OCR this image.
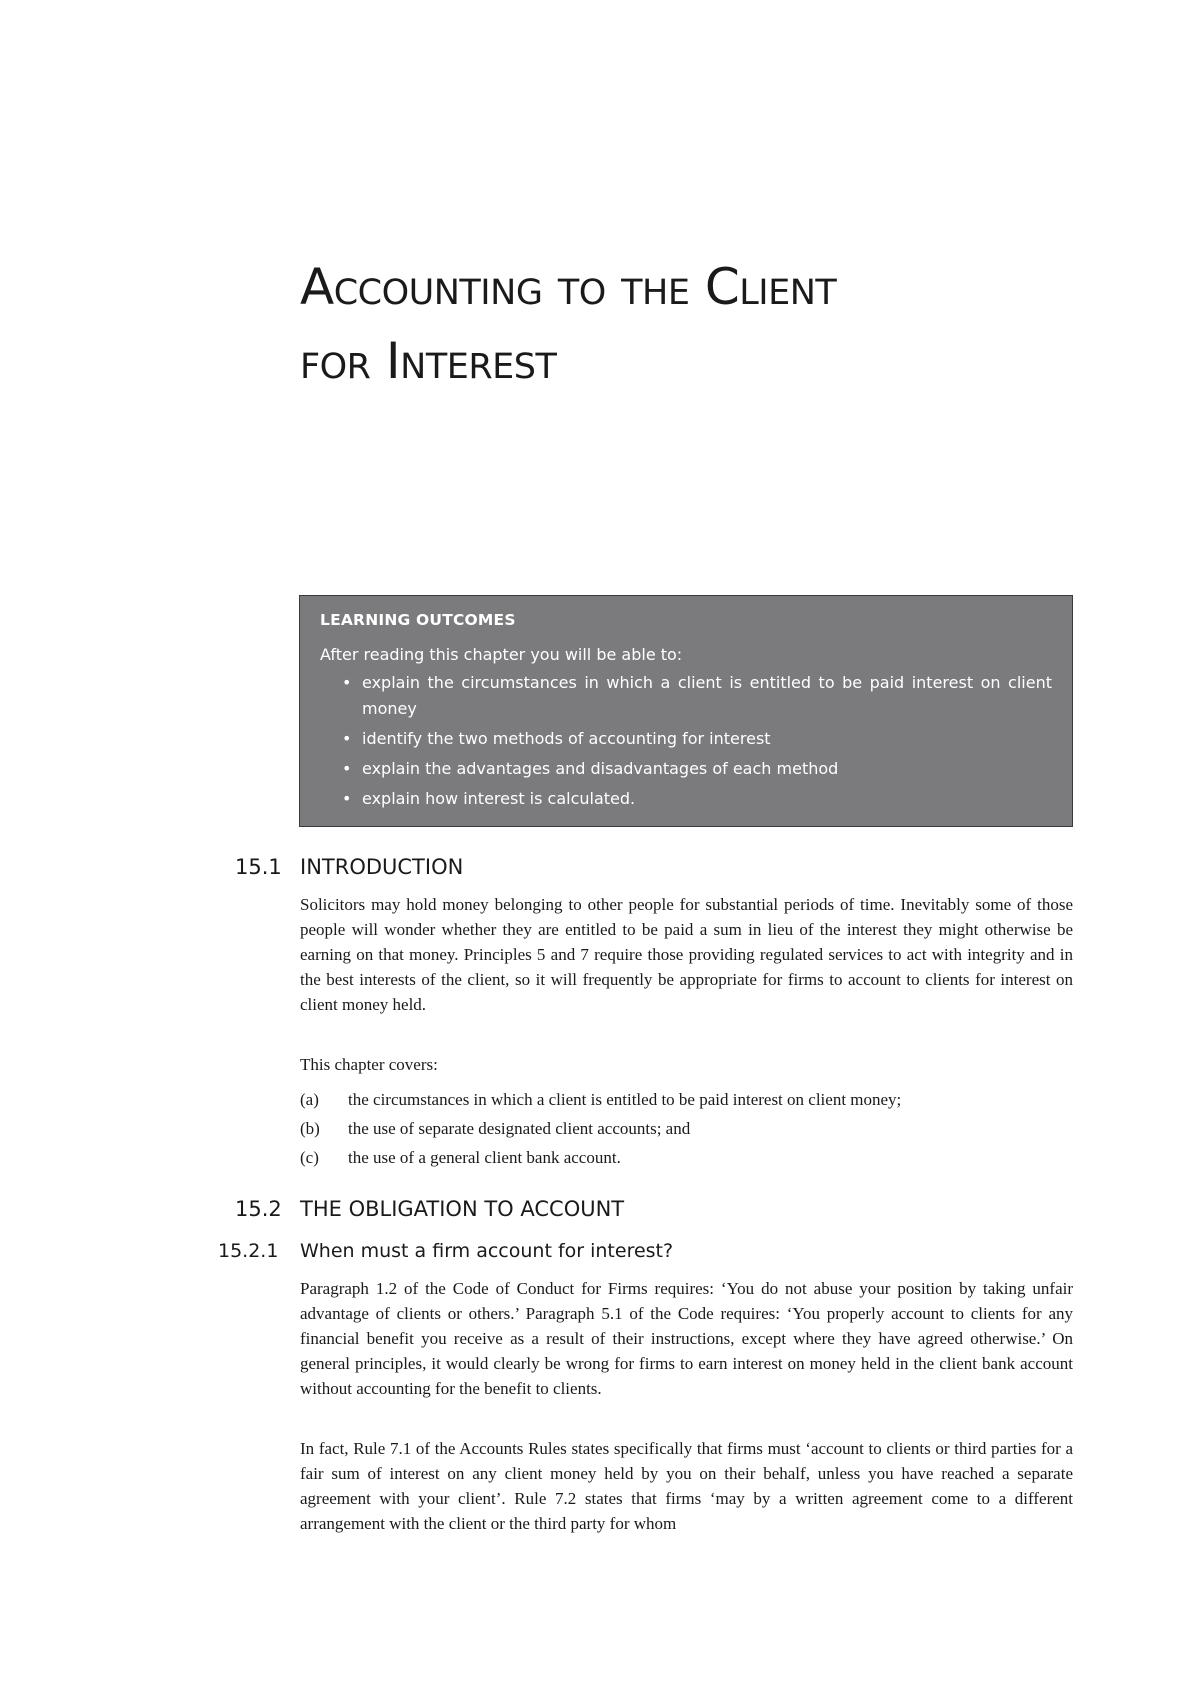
Accounting to the Client
for Interest

LEARNING OUTCOMES

After reading this chapter you will be able to:

• explain the circumstances in which a client is entitled to be paid interest on client money
• identify the two methods of accounting for interest
• explain the advantages and disadvantages of each method
• explain how interest is calculated.
15.1 INTRODUCTION

Solicitors may hold money belonging to other people for substantial periods of time. Inevitably some of those people will wonder whether they are entitled to be paid a sum in lieu of the interest they might otherwise be earning on that money. Principles 5 and 7 require those providing regulated services to act with integrity and in the best interests of the client, so it will frequently be appropriate for firms to account to clients for interest on client money held.

This chapter covers:

(a) the circumstances in which a client is entitled to be paid interest on client money;
(b) the use of separate designated client accounts; and
(c) the use of a general client bank account.
15.2 THE OBLIGATION TO ACCOUNT
15.2.1	When must a firm account for interest?

Paragraph 1.2 of the Code of Conduct for Firms requires: ‘You do not abuse your position by taking unfair advantage of clients or others.’ Paragraph 5.1 of the Code requires: ‘You properly account to clients for any financial benefit you receive as a result of their instructions, except where they have agreed otherwise.’ On general principles, it would clearly be wrong for firms to earn interest on money held in the client bank account without accounting for the benefit to clients.

In fact, Rule 7.1 of the Accounts Rules states specifically that firms must ‘account to clients or third parties for a fair sum of interest on any client money held by you on their behalf, unless you have reached a separate agreement with your client’. Rule 7.2 states that firms ‘may by a written agreement come to a different arrangement with the client or the third party for whom
